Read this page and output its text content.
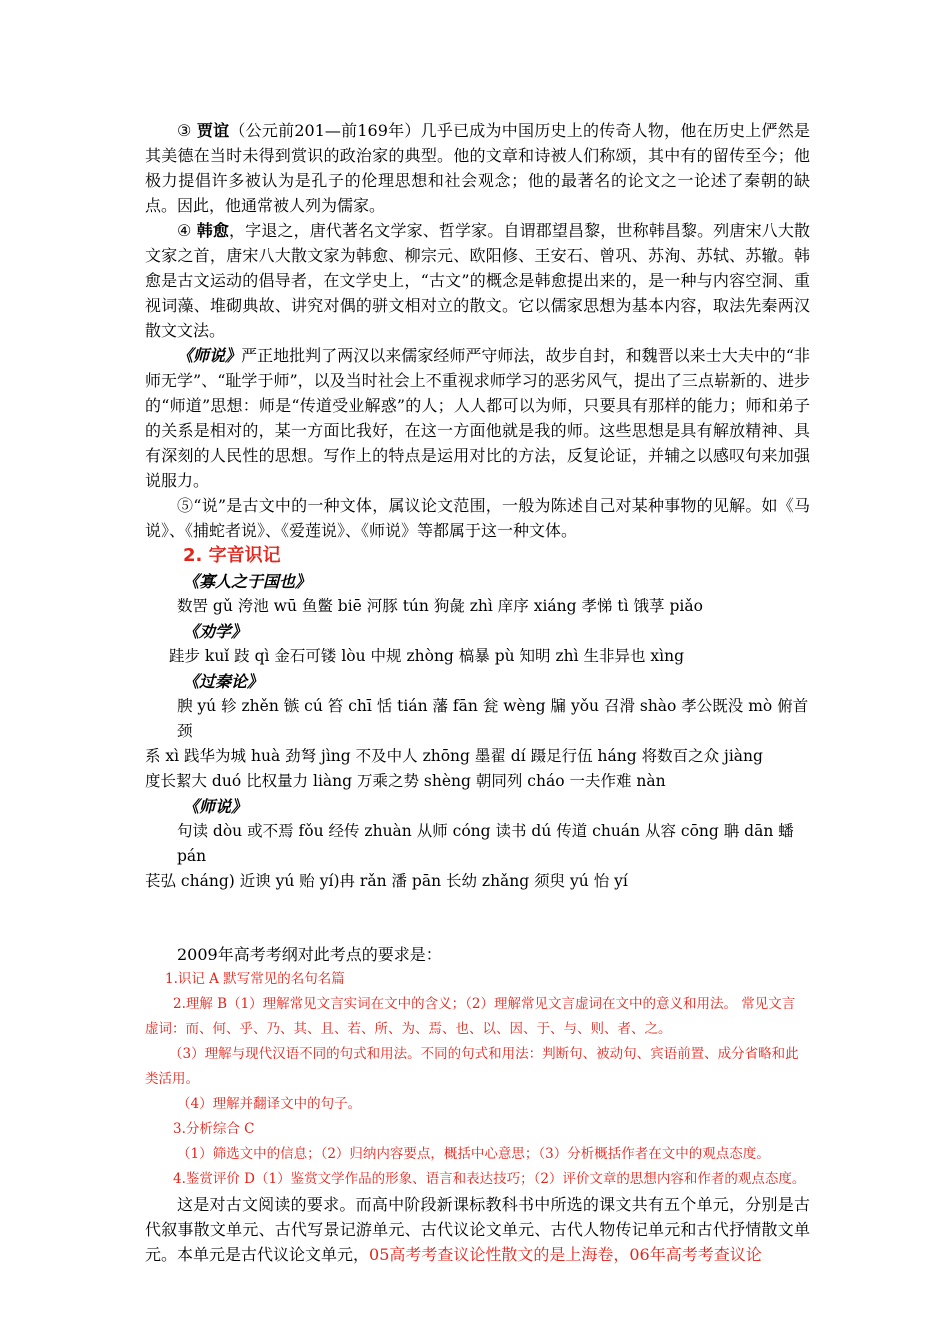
③ 贾谊（公元前201—前169年）几乎已成为中国历史上的传奇人物，他在历史上俨然是其美德在当时未得到赏识的政治家的典型。他的文章和诗被人们称颂，其中有的留传至今；他极力提倡许多被认为是孔子的伦理思想和社会观念；他的最著名的论文之一论述了秦朝的缺点。因此，他通常被人列为儒家。

④ 韩愈，字退之，唐代著名文学家、哲学家。自谓郡望昌黎，世称韩昌黎。列唐宋八大散文家之首，唐宋八大散文家为韩愈、柳宗元、欧阳修、王安石、曾巩、苏洵、苏轼、苏辙。韩愈是古文运动的倡导者，在文学史上，“古文”的概念是韩愈提出来的，是一种与内容空洞、重视词藻、堆砌典故、讲究对偶的骈文相对立的散文。它以儒家思想为基本内容，取法先秦两汉散文文法。

《师说》严正地批判了两汉以来儒家经师严守师法，故步自封，和魏晋以来士大夫中的“非师无学”、“耻学于师”，以及当时社会上不重视求师学习的恶劣风气，提出了三点崭新的、进步的“师道”思想：师是“传道受业解惑”的人；人人都可以为师，只要具有那样的能力；师和弟子的关系是相对的，某一方面比我好，在这一方面他就是我的师。这些思想是具有解放精神、具有深刻的人民性的思想。写作上的特点是运用对比的方法，反复论证，并辅之以感叹句来加强说服力。

⑤“说”是古文中的一种文体，属议论文范围，一般为陈述自己对某种事物的见解。如《马说》、《捕蛇者说》、《爱莲说》、《师说》等都属于这一种文体。

2. 字音识记

《寡人之于国也》

数罟 gǔ 洿池 wū 鱼鳖 biē 河豚 tún 狗彘 zhì 庠序 xiáng 孝悌 tì 饿莩 piǎo

《劝学》

跬步 kuǐ 跂 qì 金石可镂 lòu 中规 zhòng 槁暴 pù 知明 zhì 生非异也 xìng

《过秦论》

腴 yú 轸 zhěn 镞 cú 笞 chī 恬 tián 藩 fān 瓮 wèng 牖 yǒu 召滑 shào 孝公既没 mò 俯首颈

系 xì 践华为城 huà 劲弩 jìng 不及中人 zhōng 墨翟 dí 蹑足行伍 háng 将数百之众 jiàng

度长絜大 duó 比权量力 liàng 万乘之势 shèng 朝同列 cháo 一夫作难 nàn

《师说》

句读 dòu 或不焉 fǒu 经传 zhuàn 从师 cóng 读书 dú 传道 chuán 从容 cōng 聃 dān 蟠 pán

苌弘 cháng) 近谀 yú 贻 yí)冉 rǎn 潘 pān 长幼 zhǎng 须臾 yú 怡 yí

2009年高考考纲对此考点的要求是：

1.识记 A 默写常见的名句名篇

2.理解 B（1）理解常见文言实词在文中的含义；（2）理解常见文言虚词在文中的意义和用法。 常见文言

虚词：而、何、乎、乃、其、且、若、所、为、焉、也、以、因、于、与、则、者、之。

（3）理解与现代汉语不同的句式和用法。不同的句式和用法：判断句、被动句、宾语前置、成分省略和此

类活用。

（4）理解并翻译文中的句子。

3.分析综合 C

（1）筛选文中的信息；（2）归纳内容要点，概括中心意思；（3）分析概括作者在文中的观点态度。

4.鉴赏评价 D（1）鉴赏文学作品的形象、语言和表达技巧；（2）评价文章的思想内容和作者的观点态度。

这是对古文阅读的要求。而高中阶段新课标教科书中所选的课文共有五个单元，分别是古代叙事散文单元、古代写景记游单元、古代议论文单元、古代人物传记单元和古代抒情散文单元。本单元是古代议论文单元，05高考考查议论性散文的是上海卷，06年高考考查议论
